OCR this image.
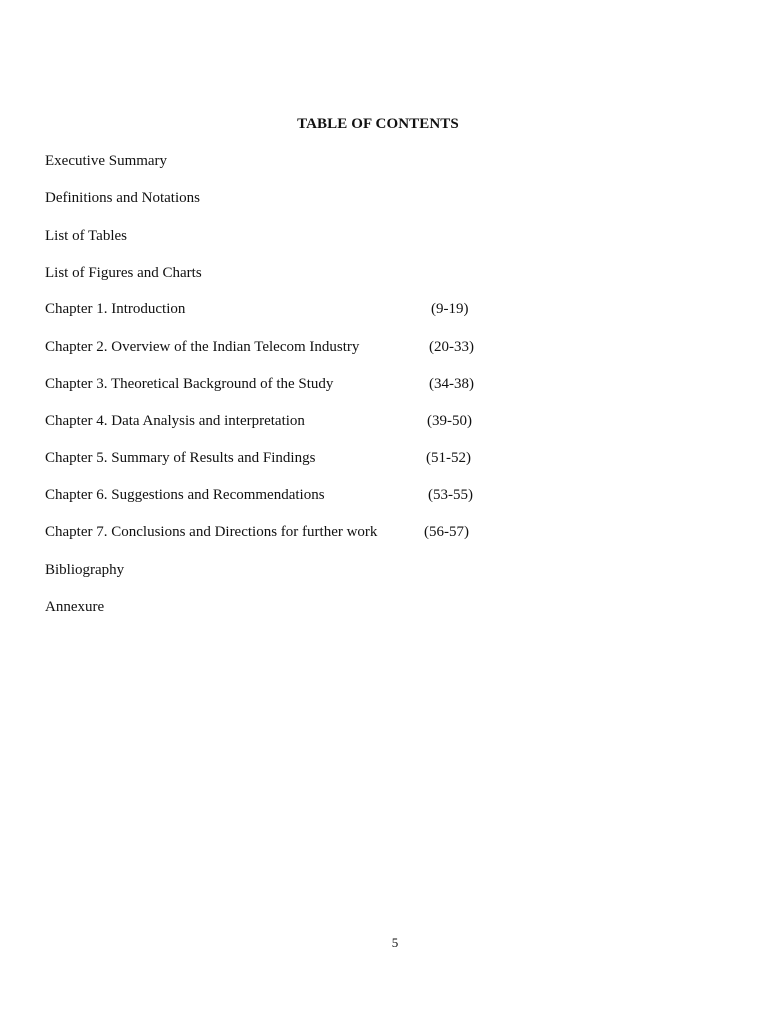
TABLE OF CONTENTS
Executive Summary
Definitions and Notations
List of Tables
List of Figures and Charts
Chapter 1. Introduction	(9-19)
Chapter 2. Overview of the Indian Telecom Industry	(20-33)
Chapter 3. Theoretical Background of the Study	(34-38)
Chapter 4. Data Analysis and interpretation	(39-50)
Chapter 5. Summary of Results and Findings	(51-52)
Chapter 6. Suggestions and Recommendations	(53-55)
Chapter 7. Conclusions and Directions for further work	(56-57)
Bibliography
Annexure
5
